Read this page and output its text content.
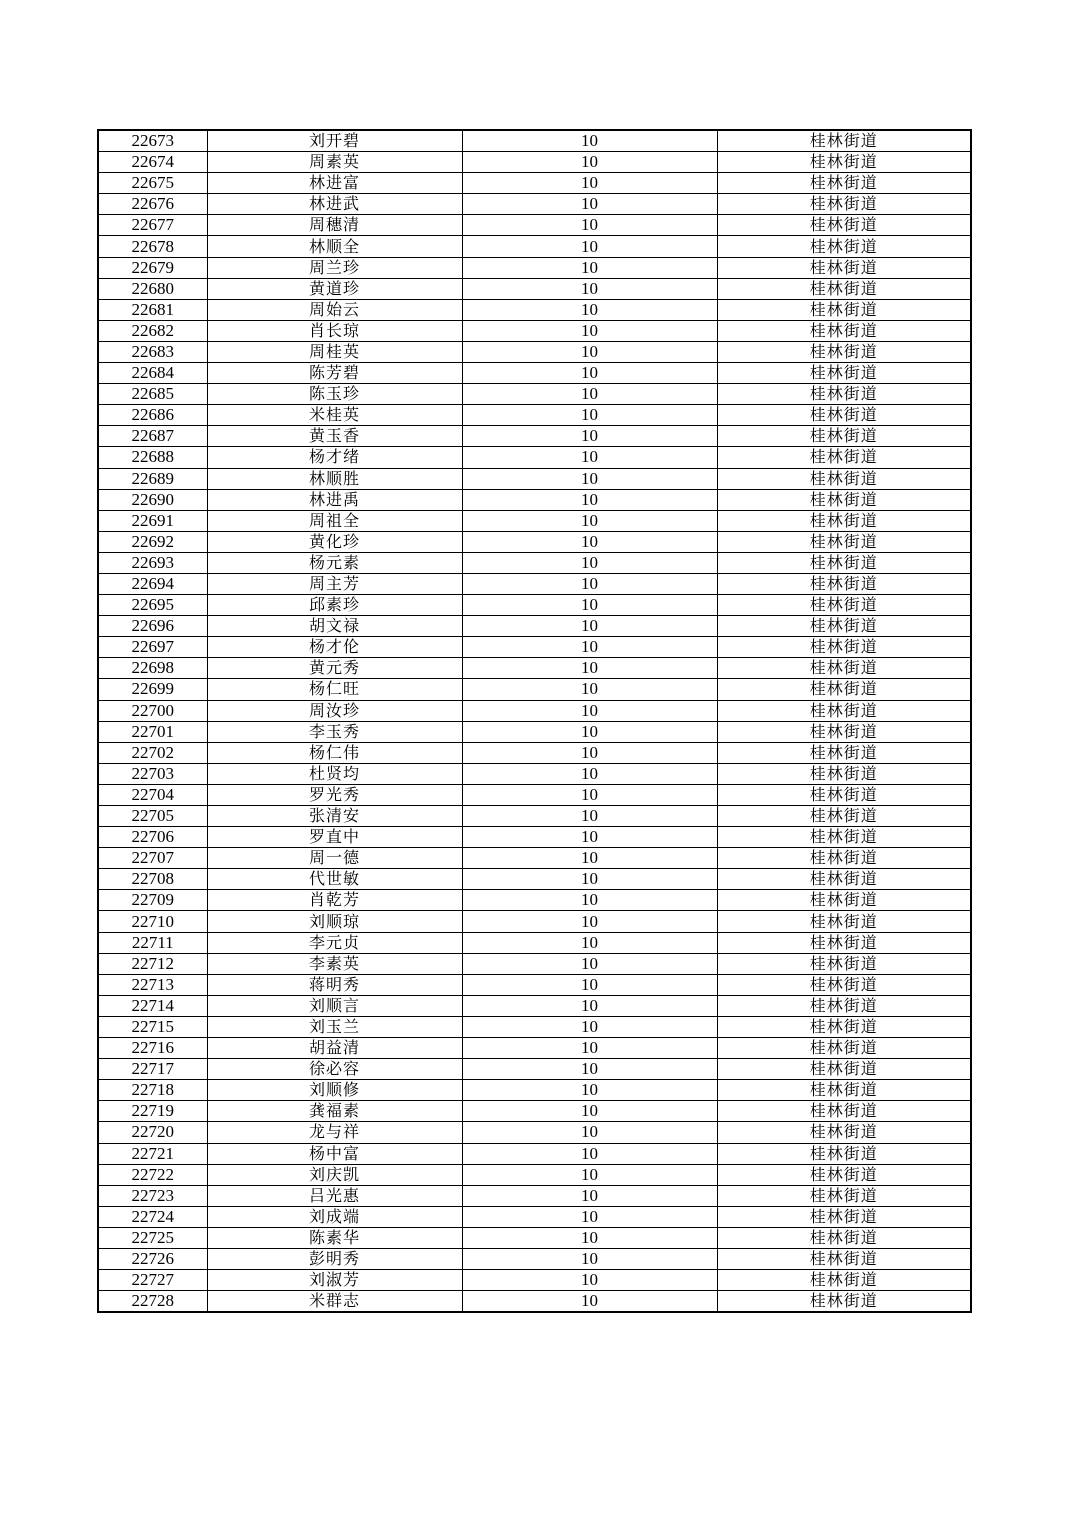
22673	刘开碧	10	桂林街道
22674	周素英	10	桂林街道
22675	林进富	10	桂林街道
22676	林进武	10	桂林街道
22677	周穗清	10	桂林街道
22678	林顺全	10	桂林街道
22679	周兰珍	10	桂林街道
22680	黄道珍	10	桂林街道
22681	周始云	10	桂林街道
22682	肖长琼	10	桂林街道
22683	周桂英	10	桂林街道
22684	陈芳碧	10	桂林街道
22685	陈玉珍	10	桂林街道
22686	米桂英	10	桂林街道
22687	黄玉香	10	桂林街道
22688	杨才绪	10	桂林街道
22689	林顺胜	10	桂林街道
22690	林进禹	10	桂林街道
22691	周祖全	10	桂林街道
22692	黄化珍	10	桂林街道
22693	杨元素	10	桂林街道
22694	周主芳	10	桂林街道
22695	邱素珍	10	桂林街道
22696	胡文禄	10	桂林街道
22697	杨才伦	10	桂林街道
22698	黄元秀	10	桂林街道
22699	杨仁旺	10	桂林街道
22700	周汝珍	10	桂林街道
22701	李玉秀	10	桂林街道
22702	杨仁伟	10	桂林街道
22703	杜贤均	10	桂林街道
22704	罗光秀	10	桂林街道
22705	张清安	10	桂林街道
22706	罗直中	10	桂林街道
22707	周一德	10	桂林街道
22708	代世敏	10	桂林街道
22709	肖乾芳	10	桂林街道
22710	刘顺琼	10	桂林街道
22711	李元贞	10	桂林街道
22712	李素英	10	桂林街道
22713	蒋明秀	10	桂林街道
22714	刘顺言	10	桂林街道
22715	刘玉兰	10	桂林街道
22716	胡益清	10	桂林街道
22717	徐必容	10	桂林街道
22718	刘顺修	10	桂林街道
22719	龚福素	10	桂林街道
22720	龙与祥	10	桂林街道
22721	杨中富	10	桂林街道
22722	刘庆凯	10	桂林街道
22723	吕光惠	10	桂林街道
22724	刘成端	10	桂林街道
22725	陈素华	10	桂林街道
22726	彭明秀	10	桂林街道
22727	刘淑芳	10	桂林街道
22728	米群志	10	桂林街道
